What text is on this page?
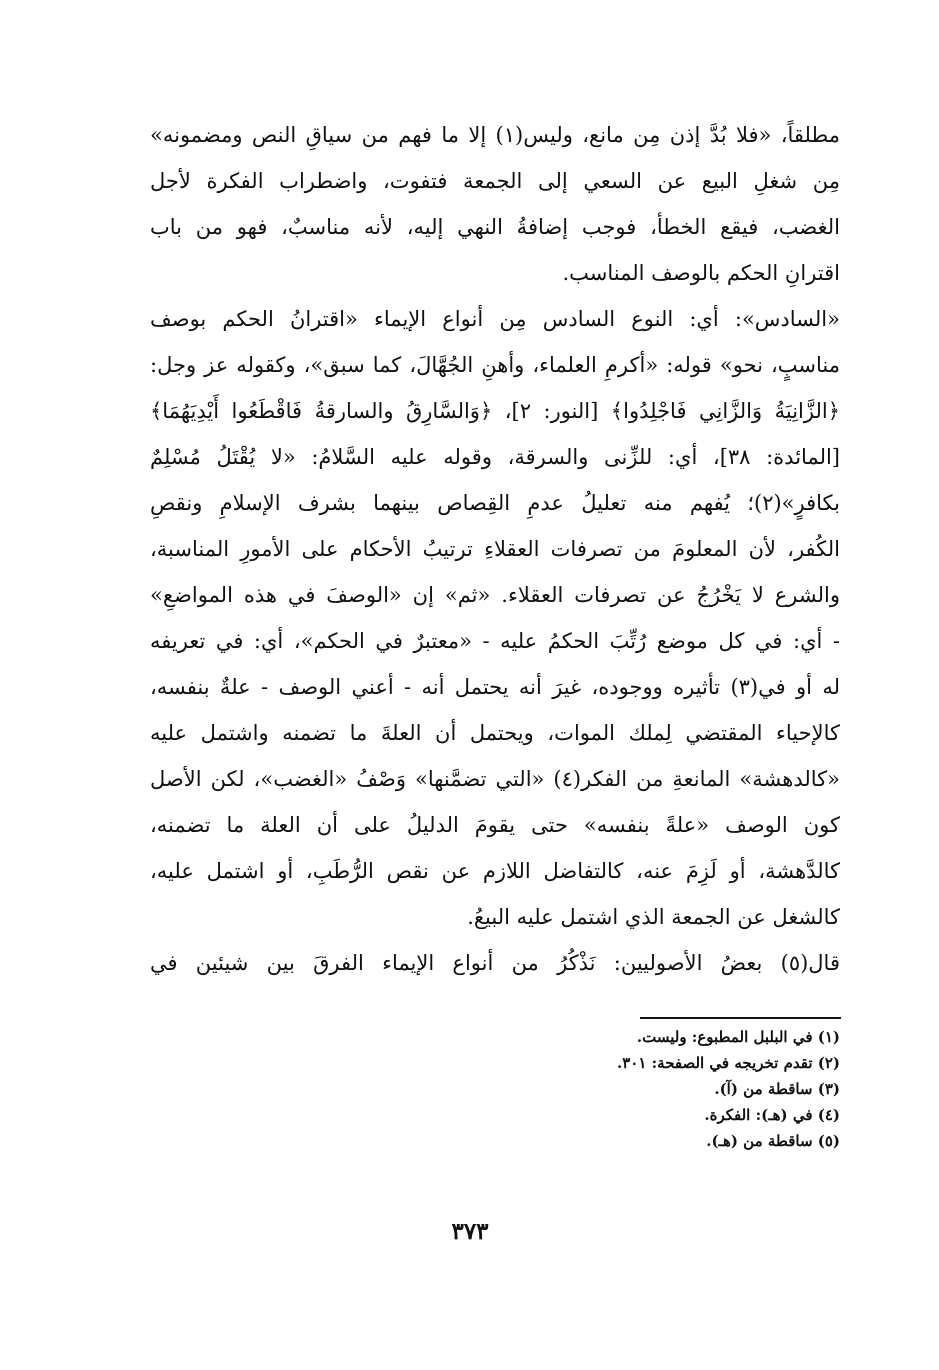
مطلقاً، «فلا بُدَّ إذن مِن مانع، وليس(١) إلا ما فهم من سياقِ النص ومضمونه»
مِن شغلِ البيع عن السعي إلى الجمعة فتفوت، واضطراب الفكرة لأجل
الغضب، فيقع الخطأ، فوجب إضافةُ النهي إليه، لأنه مناسبٌ، فهو من باب
اقترانِ الحكم بالوصف المناسب.
«السادس»: أي: النوع السادس مِن أنواع الإيماء «اقترانُ الحكم بوصف
مناسبٍ، نحو» قوله: «أكرمِ العلماء، وأهنِ الجُهَّالَ، كما سبق»، وكقوله عز وجل:
﴿الزَّانِيَةُ وَالزَّانِي فَاجْلِدُوا﴾ [النور: ٢]، ﴿وَالسَّارِقُ والسارقةُ فَاقْطَعُوا أَيْدِيَهُمَا﴾
[المائدة: ٣٨]، أي: للزِّنى والسرقة، وقوله عليه السَّلامُ: «لا يُقْتَلُ مُسْلِمٌ
بكافرٍ»(٢)؛ يُفهم منه تعليلُ عدمِ القِصاص بينهما بشرف الإسلامِ ونقصِ
الكُفر، لأن المعلومَ من تصرفات العقلاءِ ترتيبُ الأحكام على الأمورِ المناسبة،
والشرع لا يَخْرُجُ عن تصرفات العقلاء. «ثم» إن «الوصفَ في هذه المواضعِ»
- أي: في كل موضع رُتِّبَ الحكمُ عليه - «معتبرٌ في الحكم»، أي: في تعريفه
له أو في(٣) تأثيره ووجوده، غيرَ أنه يحتمل أنه - أعني الوصف - علةٌ بنفسه،
كالإحياء المقتضي لِملك الموات، ويحتمل أن العلةَ ما تضمنه واشتمل عليه
«كالدهشة» المانعةِ من الفكر(٤) «التي تضمَّنها» وَصْفُ «الغضب»، لكن الأصل
كون الوصف «علةً بنفسه» حتى يقومَ الدليلُ على أن العلة ما تضمنه،
كالدَّهشة، أو لَزِمَ عنه، كالتفاضل اللازم عن نقص الرُّطَبِ، أو اشتمل عليه،
كالشغل عن الجمعة الذي اشتمل عليه البيعُ.
قال(٥) بعضُ الأصوليين: نَذْكُرُ من أنواع الإيماء الفرقَ بين شيئين في
(١) في البلبل المطبوع: وليست.
(٢) تقدم تخريجه في الصفحة: ٣٠١.
(٣) ساقطة من (آ).
(٤) في (هـ): الفكرة.
(٥) ساقطة من (هـ).
٣٧٣
